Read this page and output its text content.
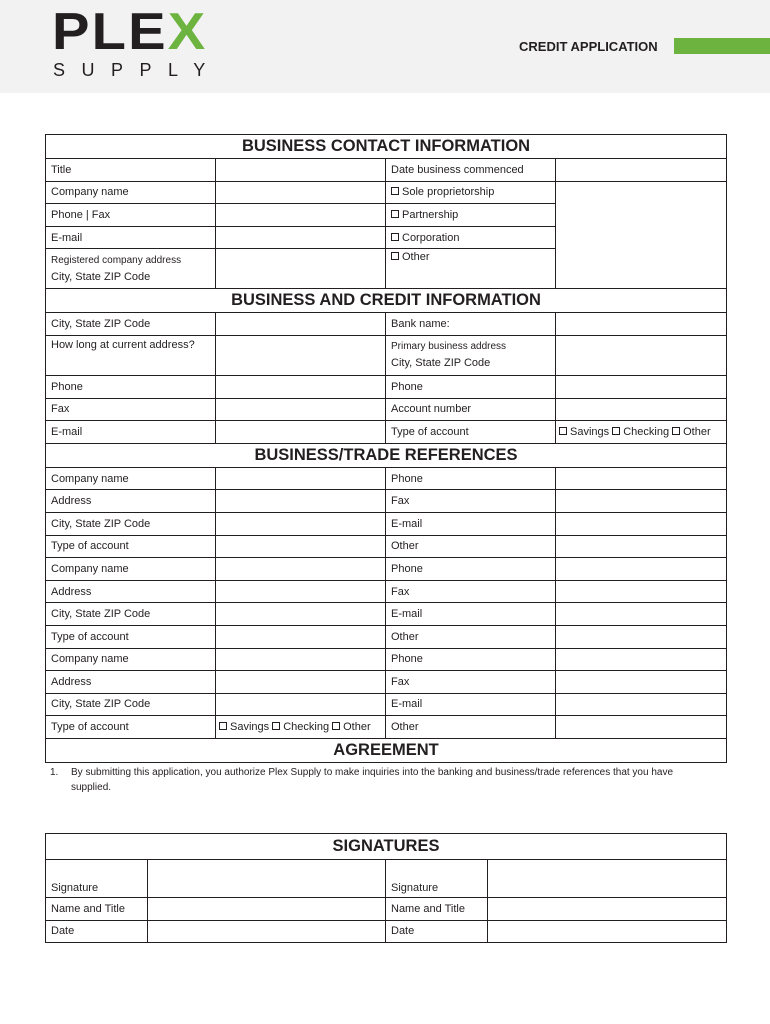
PLEX
SUPPLY
CREDIT APPLICATION
BUSINESS CONTACT INFORMATION			
Title		Date business commenced	
Company name		Sole proprietorship	
Phone | Fax		Partnership	
E-mail		Corporation	
Registered company address
City, State ZIP Code		Other	
BUSINESS AND CREDIT INFORMATION			
City, State ZIP Code		Bank name:	
How long at current address?		Primary business address
City, State ZIP Code	
Phone		Phone	
Fax		Account number	
E-mail		Type of account	Savings Checking Other
BUSINESS/TRADE REFERENCES			
Company name		Phone	
Address		Fax	
City, State ZIP Code		E-mail	
Type of account		Other	
Company name		Phone	
Address		Fax	
City, State ZIP Code		E-mail	
Type of account		Other	
Company name		Phone	
Address		Fax	
City, State ZIP Code		E-mail	
Type of account	Savings Checking Other	Other	
AGREEMENT			
1. By submitting this application, you authorize Plex Supply to make inquiries into the banking and business/trade references that you have supplied.
SIGNATURES			
Signature		Signature	
Name and Title		Name and Title	
Date		Date	
